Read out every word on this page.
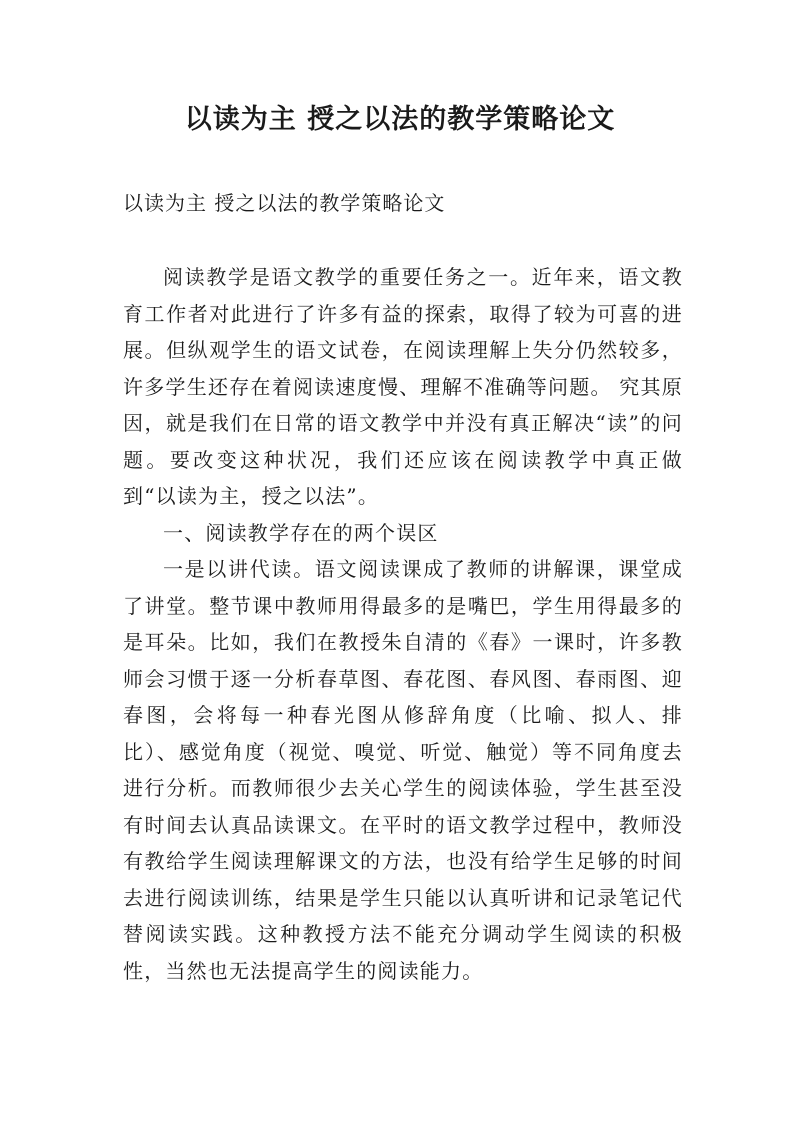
以读为主 授之以法的教学策略论文

以读为主 授之以法的教学策略论文

阅读教学是语文教学的重要任务之一。近年来，语文教育工作者对此进行了许多有益的探索，取得了较为可喜的进展。但纵观学生的语文试卷，在阅读理解上失分仍然较多，许多学生还存在着阅读速度慢、理解不准确等问题。 究其原因，就是我们在日常的语文教学中并没有真正解决“读”的问题。要改变这种状况，我们还应该在阅读教学中真正做到“以读为主，授之以法”。

一、阅读教学存在的两个误区

一是以讲代读。语文阅读课成了教师的讲解课，课堂成了讲堂。整节课中教师用得最多的是嘴巴，学生用得最多的是耳朵。比如，我们在教授朱自清的《春》一课时，许多教师会习惯于逐一分析春草图、春花图、春风图、春雨图、迎春图，会将每一种春光图从修辞角度（比喻、拟人、排比）、感觉角度（视觉、嗅觉、听觉、触觉）等不同角度去进行分析。而教师很少去关心学生的阅读体验，学生甚至没有时间去认真品读课文。在平时的语文教学过程中，教师没有教给学生阅读理解课文的方法，也没有给学生足够的时间去进行阅读训练，结果是学生只能以认真听讲和记录笔记代替阅读实践。这种教授方法不能充分调动学生阅读的积极性，当然也无法提高学生的阅读能力。
